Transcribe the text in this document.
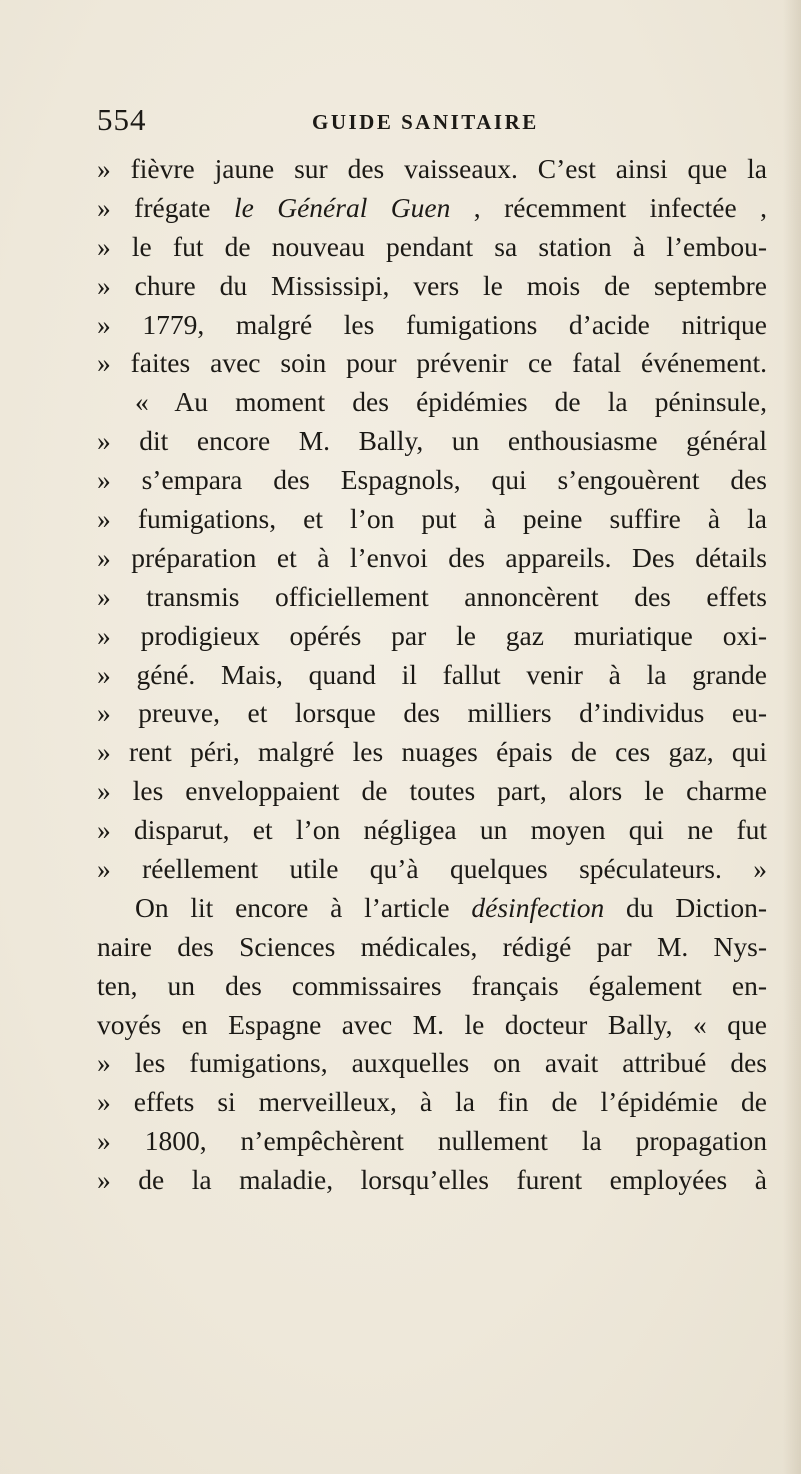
554	GUIDE SANITAIRE
» fièvre jaune sur des vaisseaux. C’est ainsi que la
» frégate le Général Guen , récemment infectée ,
» le fut de nouveau pendant sa station à l’embou-
» chure du Mississipi, vers le mois de septembre
» 1779, malgré les fumigations d’acide nitrique
» faites avec soin pour prévenir ce fatal événement.
« Au moment des épidémies de la péninsule,
» dit encore M. Bally, un enthousiasme général
» s’empara des Espagnols, qui s’engouèrent des
» fumigations, et l’on put à peine suffire à la
» préparation et à l’envoi des appareils. Des détails
» transmis officiellement annoncèrent des effets
» prodigieux opérés par le gaz muriatique oxi-
» géné. Mais, quand il fallut venir à la grande
» preuve, et lorsque des milliers d’individus eu-
» rent péri, malgré les nuages épais de ces gaz, qui
» les enveloppaient de toutes part, alors le charme
» disparut, et l’on négligea un moyen qui ne fut
» réellement utile qu’à quelques spéculateurs. »
On lit encore à l’article désinfection du Diction-
naire des Sciences médicales, rédigé par M. Nys-
ten, un des commissaires français également en-
voyés en Espagne avec M. le docteur Bally, « que
» les fumigations, auxquelles on avait attribué des
» effets si merveilleux, à la fin de l’épidémie de
» 1800, n’empêchèrent nullement la propagation
» de la maladie, lorsqu’elles furent employées à
